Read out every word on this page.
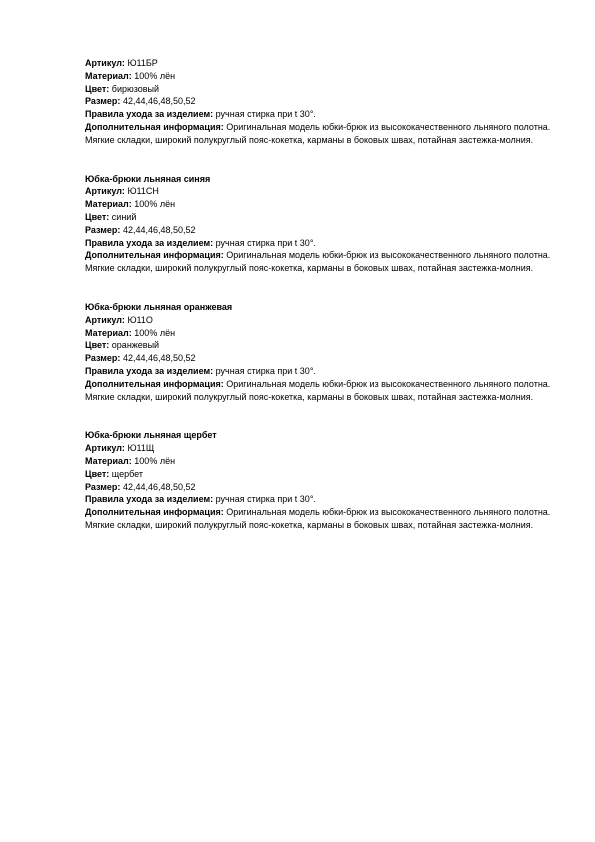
Артикул: Ю11БР

Материал: 100% лён

Цвет: бирюзовый

Размер: 42,44,46,48,50,52

Правила ухода за изделием: ручная стирка при t 30°.

Дополнительная информация: Оригинальная модель юбки-брюк из высококачественного льняного полотна. Мягкие складки, широкий полукруглый пояс-кокетка, карманы в боковых швах, потайная застежка-молния.

Юбка-брюки льняная синяя

Артикул: Ю11СН

Материал: 100% лён

Цвет: синий

Размер: 42,44,46,48,50,52

Правила ухода за изделием: ручная стирка при t 30°.

Дополнительная информация: Оригинальная модель юбки-брюк из высококачественного льняного полотна. Мягкие складки, широкий полукруглый пояс-кокетка, карманы в боковых швах, потайная застежка-молния.

Юбка-брюки льняная оранжевая

Артикул: Ю11О

Материал: 100% лён

Цвет: оранжевый

Размер: 42,44,46,48,50,52

Правила ухода за изделием: ручная стирка при t 30°.

Дополнительная информация: Оригинальная модель юбки-брюк из высококачественного льняного полотна. Мягкие складки, широкий полукруглый пояс-кокетка, карманы в боковых швах, потайная застежка-молния.

Юбка-брюки льняная щербет

Артикул: Ю11Щ

Материал: 100% лён

Цвет: щербет

Размер: 42,44,46,48,50,52

Правила ухода за изделием: ручная стирка при t 30°.

Дополнительная информация: Оригинальная модель юбки-брюк из высококачественного льняного полотна. Мягкие складки, широкий полукруглый пояс-кокетка, карманы в боковых швах, потайная застежка-молния.
